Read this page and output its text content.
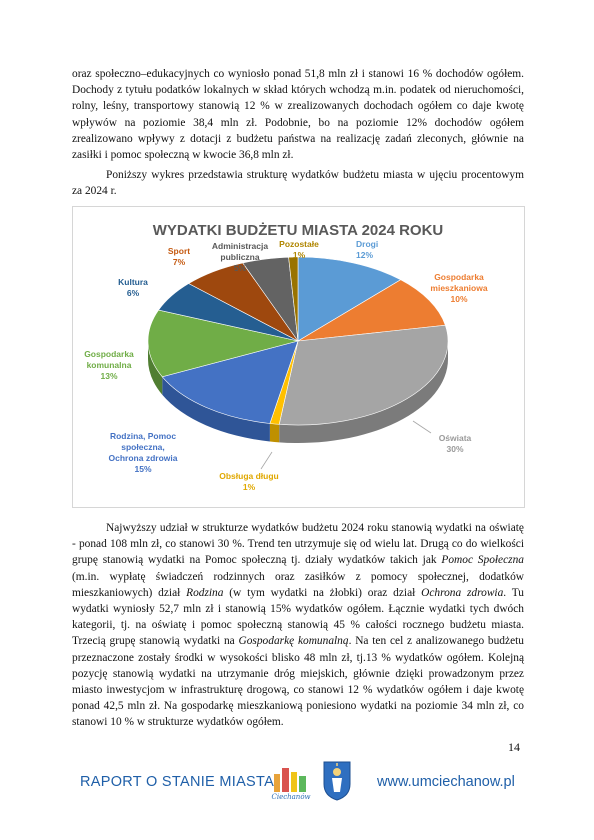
oraz społeczno–edukacyjnych co wyniosło ponad 51,8 mln zł i stanowi 16 % dochodów ogółem. Dochody z tytułu podatków lokalnych w skład których wchodzą m.in. podatek od nieruchomości, rolny, leśny, transportowy stanowią 12 % w zrealizowanych dochodach ogółem co daje kwotę wpływów na poziomie 38,4 mln zł. Podobnie, bo na poziomie 12% dochodów ogółem zrealizowano wpływy z dotacji z budżetu państwa na realizację zadań zleconych, głównie na zasiłki i pomoc społeczną w kwocie 36,8 mln zł.

Poniższy wykres przedstawia strukturę wydatków budżetu miasta w ujęciu procentowym za 2024 r.

WYDATKI BUDŻETU MIASTA 2024 ROKU
Drogi 12%
Gospodarka mieszkaniowa 10%
Oświata 30%
Obsługa długu 1%
Rodzina, Pomoc społeczna, Ochrona zdrowia 15%
Gospodarka komunalna 13%
Kultura 6%
Sport 7%
Administracja publiczna 5%
Pozostałe 1%

Najwyższy udział w strukturze wydatków budżetu 2024 roku stanowią wydatki na oświatę - ponad 108 mln zł, co stanowi 30 %. Trend ten utrzymuje się od wielu lat. Drugą co do wielkości grupę stanowią wydatki na Pomoc społeczną tj. działy wydatków takich jak Pomoc Społeczna (m.in. wypłatę świadczeń rodzinnych oraz zasiłków z pomocy społecznej, dodatków mieszkaniowych) dział Rodzina (w tym wydatki na żłobki) oraz dział Ochrona zdrowia. Tu wydatki wyniosły 52,7 mln zł i stanowią 15% wydatków ogółem. Łącznie wydatki tych dwóch kategorii, tj. na oświatę i pomoc społeczną stanowią 45 % całości rocznego budżetu miasta. Trzecią grupę stanowią wydatki na Gospodarkę komunalną. Na ten cel z analizowanego budżetu przeznaczone zostały środki w wysokości blisko 48 mln zł, tj.13 % wydatków ogółem. Kolejną pozycję stanowią wydatki na utrzymanie dróg miejskich, głównie dzięki prowadzonym przez miasto inwestycjom w infrastrukturę drogową, co stanowi 12 % wydatków ogółem i daje kwotę ponad 42,5 mln zł. Na gospodarkę mieszkaniową poniesiono wydatki na poziomie 34 mln zł, co stanowi 10 % w strukturze wydatków ogółem.

14
RAPORT O STANIE MIASTA
Ciechanów
www.umciechanow.pl
